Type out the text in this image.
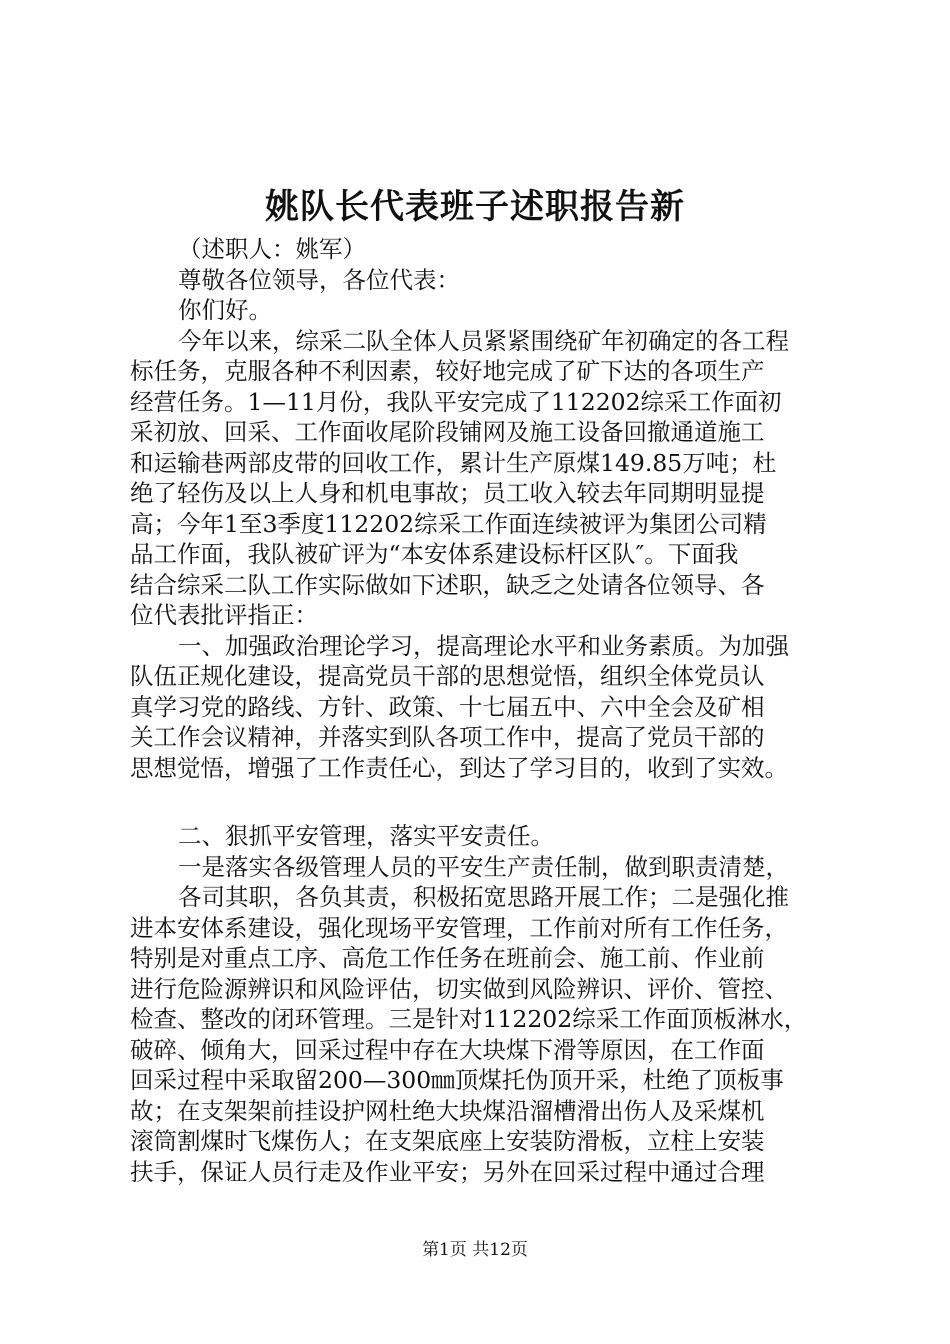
姚队长代表班子述职报告新
（述职人：姚军）
尊敬各位领导，各位代表：
你们好。
今年以来，综采二队全体人员紧紧围绕矿年初确定的各工程
标任务，克服各种不利因素，较好地完成了矿下达的各项生产
经营任务。1—11月份，我队平安完成了112202综采工作面初
采初放、回采、工作面收尾阶段铺网及施工设备回撤通道施工
和运输巷两部皮带的回收工作，累计生产原煤149.85万吨；杜
绝了轻伤及以上人身和机电事故；员工收入较去年同期明显提
高；今年1至3季度112202综采工作面连续被评为集团公司精
品工作面，我队被矿评为“本安体系建设标杆区队″。下面我
结合综采二队工作实际做如下述职，缺乏之处请各位领导、各
位代表批评指正：
一、加强政治理论学习，提高理论水平和业务素质。为加强
队伍正规化建设，提高党员干部的思想觉悟，组织全体党员认
真学习党的路线、方针、政策、十七届五中、六中全会及矿相
关工作会议精神，并落实到队各项工作中，提高了党员干部的
思想觉悟，增强了工作责任心，到达了学习目的，收到了实效。
二、狠抓平安管理，落实平安责任。
一是落实各级管理人员的平安生产责任制，做到职责清楚，
各司其职，各负其责，积极拓宽思路开展工作；二是强化推
进本安体系建设，强化现场平安管理，工作前对所有工作任务，
特别是对重点工序、高危工作任务在班前会、施工前、作业前
进行危险源辨识和风险评估，切实做到风险辨识、评价、管控、
检查、整改的闭环管理。三是针对112202综采工作面顶板淋水，
破碎、倾角大，回采过程中存在大块煤下滑等原因，在工作面
回采过程中采取留200—300㎜顶煤托伪顶开采，杜绝了顶板事
故；在支架架前挂设护网杜绝大块煤沿溜槽滑出伤人及采煤机
滚筒割煤时飞煤伤人；在支架底座上安装防滑板，立柱上安装
扶手，保证人员行走及作业平安；另外在回采过程中通过合理
第1页 共12页
